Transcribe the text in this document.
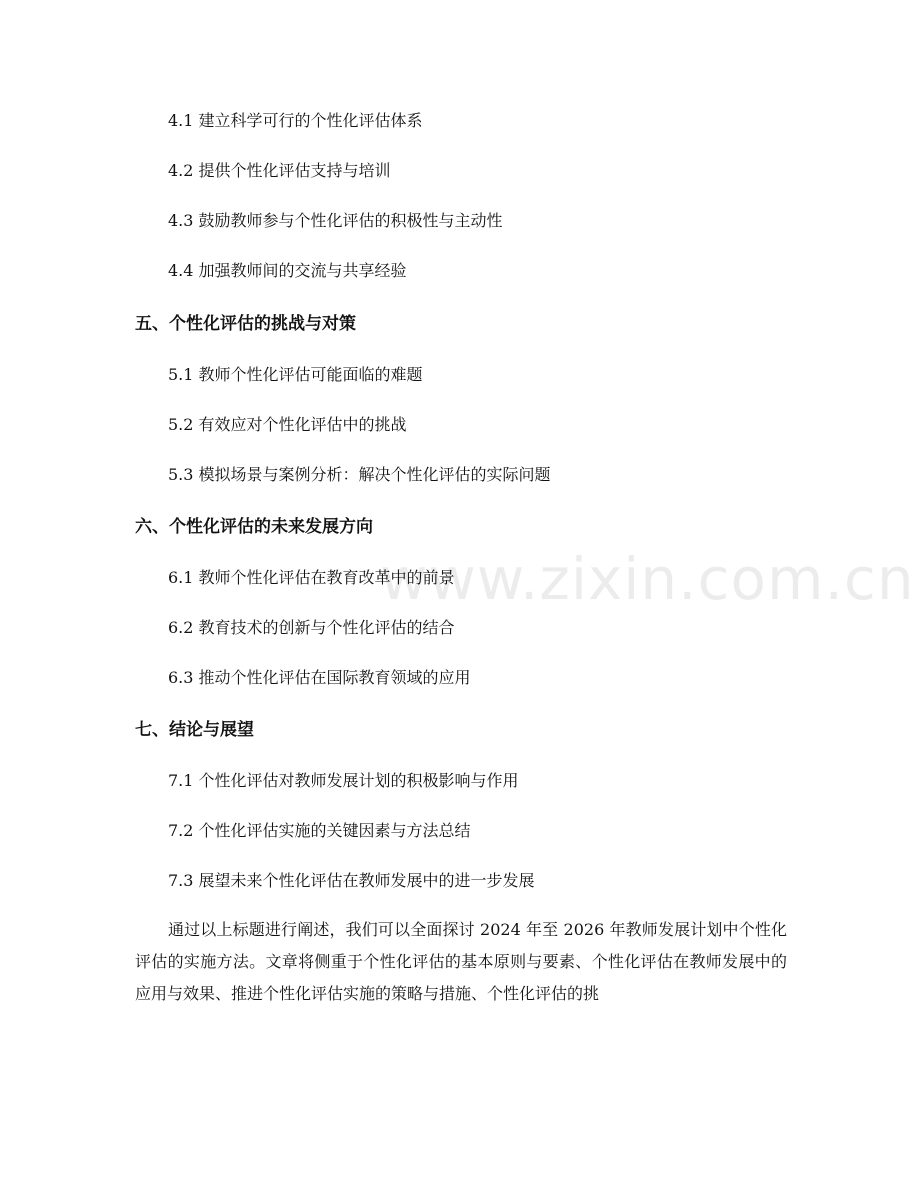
www.zixin.com.cn
4.1 建立科学可行的个性化评估体系
4.2 提供个性化评估支持与培训
4.3 鼓励教师参与个性化评估的积极性与主动性
4.4 加强教师间的交流与共享经验
五、个性化评估的挑战与对策
5.1 教师个性化评估可能面临的难题
5.2 有效应对个性化评估中的挑战
5.3 模拟场景与案例分析：解决个性化评估的实际问题
六、个性化评估的未来发展方向
6.1 教师个性化评估在教育改革中的前景
6.2 教育技术的创新与个性化评估的结合
6.3 推动个性化评估在国际教育领域的应用
七、结论与展望
7.1 个性化评估对教师发展计划的积极影响与作用
7.2 个性化评估实施的关键因素与方法总结
7.3 展望未来个性化评估在教师发展中的进一步发展
通过以上标题进行阐述，我们可以全面探讨 2024 年至 2026 年教师发展计划中个性化评估的实施方法。文章将侧重于个性化评估的基本原则与要素、个性化评估在教师发展中的应用与效果、推进个性化评估实施的策略与措施、个性化评估的挑
